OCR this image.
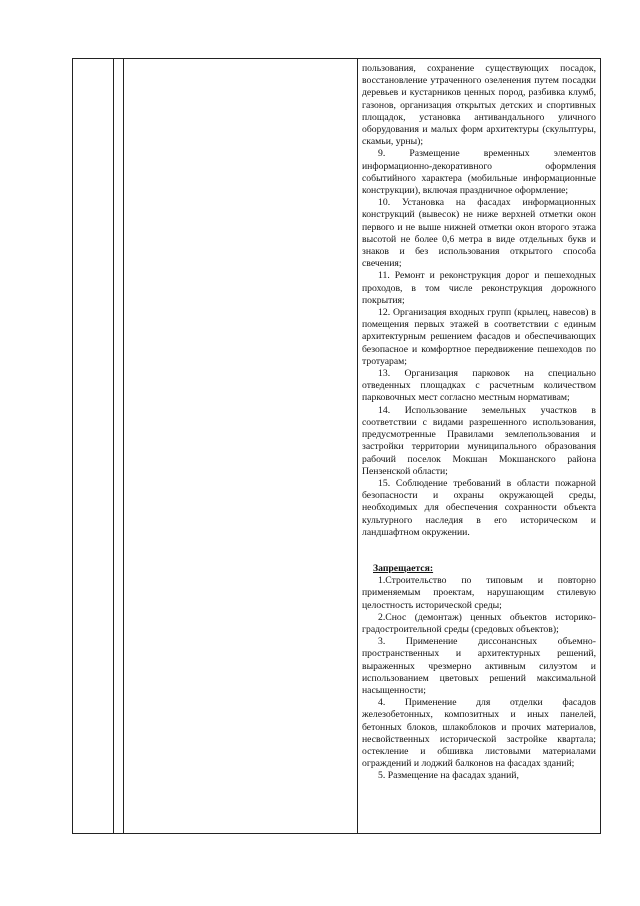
пользования, сохранение существующих посадок, восстановление утраченного озеленения путем посадки деревьев и кустарников ценных пород, разбивка клумб, газонов, организация открытых детских и спортивных площадок, установка антивандального уличного оборудования и малых форм архитектуры (скульптуры, скамьи, урны);

9. Размещение временных элементов информационно-декоративного оформления событийного характера (мобильные информационные конструкции), включая праздничное оформление;

10. Установка на фасадах информационных конструкций (вывесок) не ниже верхней отметки окон первого и не выше нижней отметки окон второго этажа высотой не более 0,6 метра в виде отдельных букв и знаков и без использования открытого способа свечения;

11. Ремонт и реконструкция дорог и пешеходных проходов, в том числе реконструкция дорожного покрытия;

12. Организация входных групп (крылец, навесов) в помещения первых этажей в соответствии с единым архитектурным решением фасадов и обеспечивающих безопасное и комфортное передвижение пешеходов по тротуарам;

13. Организация парковок на специально отведенных площадках с расчетным количеством парковочных мест согласно местным нормативам;

14. Использование земельных участков в соответствии с видами разрешенного использования, предусмотренные Правилами землепользования и застройки территории муниципального образования рабочий поселок Мокшан Мокшанского района Пензенской области;

15. Соблюдение требований в области пожарной безопасности и охраны окружающей среды, необходимых для обеспечения сохранности объекта культурного наследия в его историческом и ландшафтном окружении.

Запрещается:

1.Строительство по типовым и повторно применяемым проектам, нарушающим стилевую целостность исторической среды;

2.Снос (демонтаж) ценных объектов историко-градостроительной среды (средовых объектов);

3. Применение диссонансных объемно-пространственных и архитектурных решений, выраженных чрезмерно активным силуэтом и использованием цветовых решений максимальной насыщенности;

4. Применение для отделки фасадов железобетонных, композитных и иных панелей, бетонных блоков, шлакоблоков и прочих материалов, несвойственных исторической застройке квартала; остекление и обшивка листовыми материалами ограждений и лоджий балконов на фасадах зданий;

5. Размещение на фасадах зданий,
